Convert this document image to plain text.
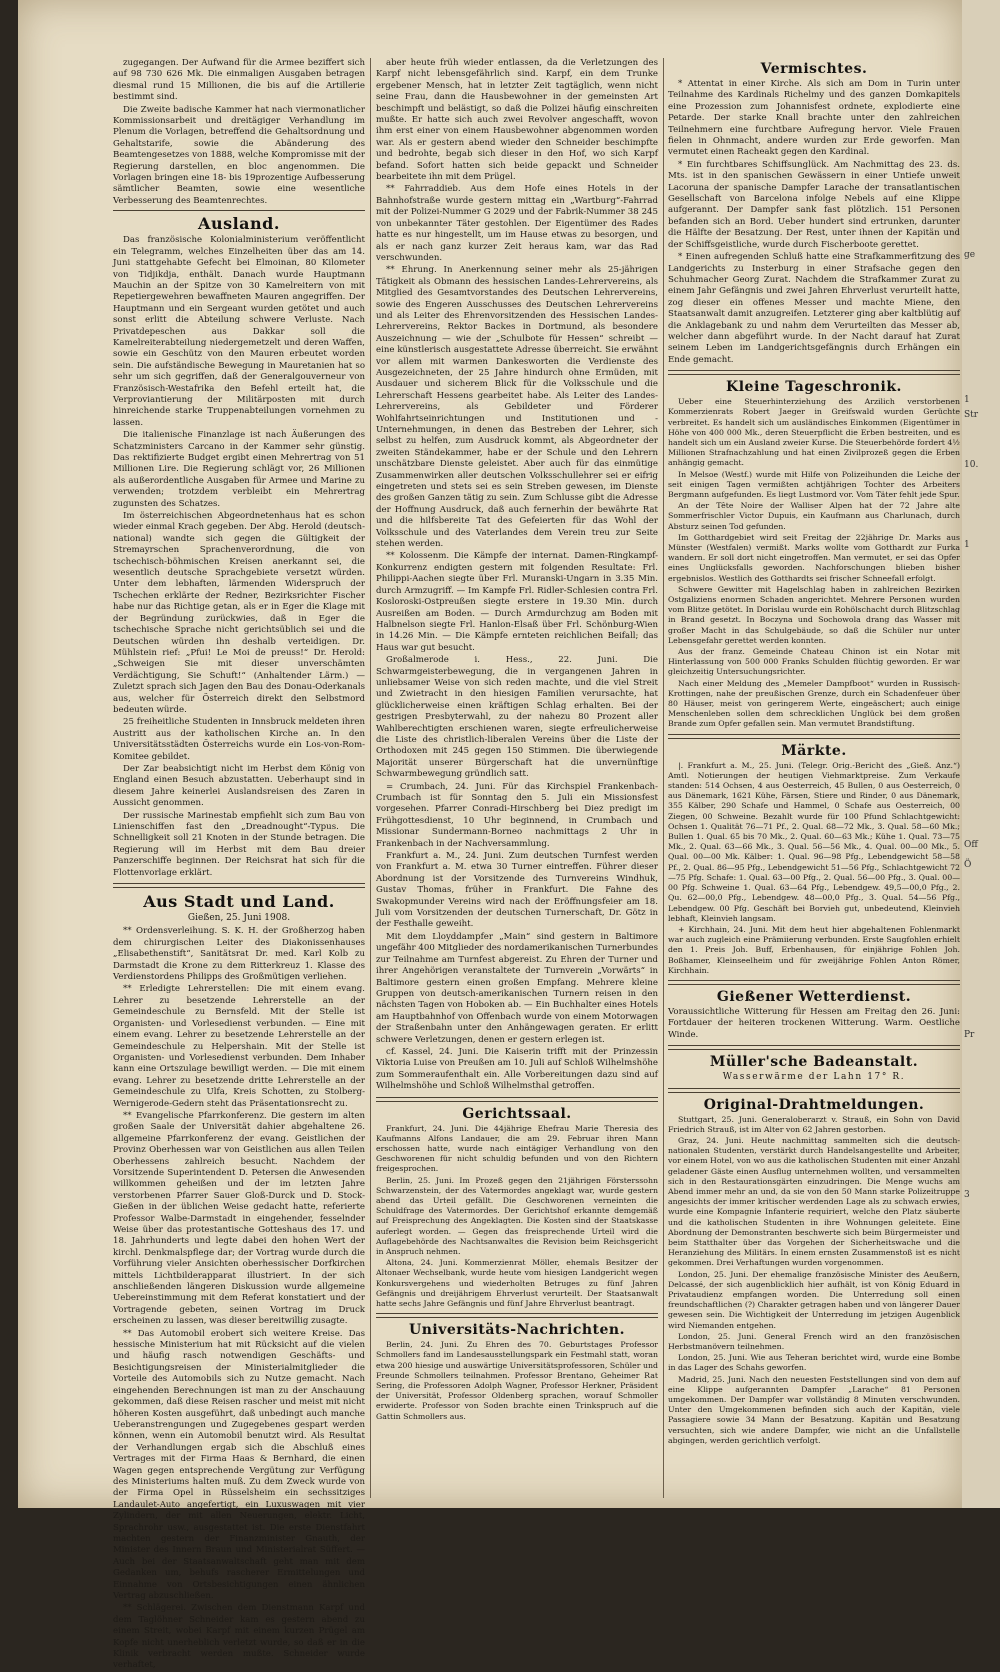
zugegangen. Der Aufwand für die Armee beziffert sich auf 98 730 626 Mk. Die einmaligen Ausgaben betragen diesmal rund 15 Millionen, die bis auf die Artillerie bestimmt sind.

Die Zweite badische Kammer hat nach viermonatlicher Kommissionsarbeit und dreitägiger Verhandlung im Plenum die Vorlagen, betreffend die Gehaltsordnung und Gehaltstarife, sowie die Abänderung des Beamtengesetzes von 1888, welche Kompromisse mit der Regierung darstellen, en bloc angenommen. Die Vorlagen bringen eine 18- bis 19prozentige Aufbesserung sämtlicher Beamten, sowie eine wesentliche Verbesserung des Beamtenrechtes.

Ausland.

Das französische Kolonialministerium veröffentlicht ein Telegramm, welches Einzelheiten über das am 14. Juni stattgehabte Gefecht bei Elmoinan, 80 Kilometer von Tidjikdja, enthält. Danach wurde Hauptmann Mauchin an der Spitze von 30 Kamelreitern von mit Repetiergewehren bewaffneten Mauren angegriffen. Der Hauptmann und ein Sergeant wurden getötet und auch sonst erlitt die Abteilung schwere Verluste. Nach Privatdepeschen aus Dakkar soll die Kamelreiterabteilung niedergemetzelt und deren Waffen, sowie ein Geschütz von den Mauren erbeutet worden sein. Die aufständische Bewegung in Mauretanien hat so sehr um sich gegriffen, daß der Generalgouverneur von Französisch-Westafrika den Befehl erteilt hat, die Verproviantierung der Militärposten mit durch hinreichende starke Truppenabteilungen vornehmen zu lassen.

Die italienische Finanzlage ist nach Äußerungen des Schatzministers Carcano in der Kammer sehr günstig. Das rektifizierte Budget ergibt einen Mehrertrag von 51 Millionen Lire. Die Regierung schlägt vor, 26 Millionen als außerordentliche Ausgaben für Armee und Marine zu verwenden; trotzdem verbleibt ein Mehrertrag zugunsten des Schatzes.

Im österreichischen Abgeordnetenhaus hat es schon wieder einmal Krach gegeben. Der Abg. Herold (deutsch-national) wandte sich gegen die Gültigkeit der Stremayrschen Sprachenverordnung, die von tschechisch-böhmischen Kreisen anerkannt sei, die wesentlich deutsche Sprachgebiete versetzt würden. Unter dem lebhaften, lärmenden Widerspruch der Tschechen erklärte der Redner, Bezirksrichter Fischer habe nur das Richtige getan, als er in Eger die Klage mit der Begründung zurückwies, daß in Eger die tschechische Sprache nicht gerichtsüblich sei und die Deutschen würden ihn deshalb verteidigen. Dr. Mühlstein rief: „Pfui! Le Moi de preuss!“ Dr. Herold: „Schweigen Sie mit dieser unverschämten Verdächtigung, Sie Schuft!“ (Anhaltender Lärm.) — Zuletzt sprach sich Jagen den Bau des Donau-Oderkanals aus, welcher für Österreich direkt den Selbstmord bedeuten würde.

25 freiheitliche Studenten in Innsbruck meldeten ihren Austritt aus der katholischen Kirche an. In den Universitätsstädten Österreichs wurde ein Los-von-Rom-Komitee gebildet.

Der Zar beabsichtigt nicht im Herbst dem König von England einen Besuch abzustatten. Ueberhaupt sind in diesem Jahre keinerlei Auslandsreisen des Zaren in Aussicht genommen.

Der russische Marinestab empfiehlt sich zum Bau von Linienschiffen fast den „Dreadnought“-Typus. Die Schnelligkeit soll 21 Knoten in der Stunde betragen. Die Regierung will im Herbst mit dem Bau dreier Panzerschiffe beginnen. Der Reichsrat hat sich für die Flottenvorlage erklärt.

Aus Stadt und Land.

Gießen, 25. Juni 1908.

** Ordensverleihung. S. K. H. der Großherzog haben dem chirurgischen Leiter des Diakonissenhauses „Elisabethenstift“, Sanitätsrat Dr. med. Karl Kolb zu Darmstadt die Krone zu dem Ritterkreuz 1. Klasse des Verdienstordens Philipps des Großmütigen verliehen.

** Erledigte Lehrerstellen: Die mit einem evang. Lehrer zu besetzende Lehrerstelle an der Gemeindeschule zu Bernsfeld. Mit der Stelle ist Organisten- und Vorlesedienst verbunden. — Eine mit einem evang. Lehrer zu besetzende Lehrerstelle an der Gemeindeschule zu Helpershain. Mit der Stelle ist Organisten- und Vorlesedienst verbunden. Dem Inhaber kann eine Ortszulage bewilligt werden. — Die mit einem evang. Lehrer zu besetzende dritte Lehrerstelle an der Gemeindeschule zu Ulfa, Kreis Schotten, zu Stolberg-Wernigerode-Gedern steht das Präsentationsrecht zu.

** Evangelische Pfarrkonferenz. Die gestern im alten großen Saale der Universität dahier abgehaltene 26. allgemeine Pfarrkonferenz der evang. Geistlichen der Provinz Oberhessen war von Geistlichen aus allen Teilen Oberhessens zahlreich besucht. Nachdem der Vorsitzende Superintendent D. Petersen die Anwesenden willkommen geheißen und der im letzten Jahre verstorbenen Pfarrer Sauer Gloß-Durck und D. Stock-Gießen in der üblichen Weise gedacht hatte, referierte Professor Walbe-Darmstadt in eingehender, fesselnder Weise über das protestantische Gotteshaus des 17. und 18. Jahrhunderts und legte dabei den hohen Wert der kirchl. Denkmalspflege dar; der Vortrag wurde durch die Vorführung vieler Ansichten oberhessischer Dorfkirchen mittels Lichtbilderapparat illustriert. In der sich anschließenden längeren Diskussion wurde allgemeine Uebereinstimmung mit dem Referat konstatiert und der Vortragende gebeten, seinen Vortrag im Druck erscheinen zu lassen, was dieser bereitwillig zusagte.

** Das Automobil erobert sich weitere Kreise. Das hessische Ministerium hat mit Rücksicht auf die vielen und häufig rasch notwendigen Geschäfts- und Besichtigungsreisen der Ministerialmitglieder die Vorteile des Automobils sich zu Nutze gemacht. Nach eingehenden Berechnungen ist man zu der Anschauung gekommen, daß diese Reisen rascher und meist mit nicht höheren Kosten ausgeführt, daß unbedingt auch manche Ueberanstrengungen und Zugegebenes gespart werden können, wenn ein Automobil benutzt wird. Als Resultat der Verhandlungen ergab sich die Abschluß eines Vertrages mit der Firma Haas & Bernhard, die einen Wagen gegen entsprechende Vergütung zur Verfügung des Ministeriums halten muß. Zu dem Zweck wurde von der Firma Opel in Rüsselsheim ein sechssitziges Landaulet-Auto angefertigt, ein Luxuswagen mit vier Zylindern, der mit allen Neuerungen, elektr. Licht, Sprachrohr usw., ausgestattet ist. Die erste Dienstfahrt machten gestern der Finanzminister Gnauth, der Minister des Innern Braun und Ministerialrat Süffert. — Auch bei der Staatsanwaltschaft geht man mit dem Gedanken um, behufs rascherer Ermittelungen und Einnahme von Ortsbesichtigungen einen ähnlichen Vertrag abzuschließen.

** Schlägerei. Zwischen dem Dienstmann Karpf und dem Taglöhner Schneider kam es gestern abend zu einem Streit, wobei Karpf mit einem kurzen Prügel am Kopfe nicht unerheblich verletzt wurde, so daß er in die Klinik verbracht werden mußte. Schneider wurde verhaftet,

aber heute früh wieder entlassen, da die Verletzungen des Karpf nicht lebensgefährlich sind. Karpf, ein dem Trunke ergebener Mensch, hat in letzter Zeit tagtäglich, wenn nicht seine Frau, dann die Hausbewohner in der gemeinsten Art beschimpft und belästigt, so daß die Polizei häufig einschreiten mußte. Er hatte sich auch zwei Revolver angeschafft, wovon ihm erst einer von einem Hausbewohner abgenommen worden war. Als er gestern abend wieder den Schneider beschimpfte und bedrohte, begab sich dieser in den Hof, wo sich Karpf befand. Sofort hatten sich beide gepackt und Schneider bearbeitete ihn mit dem Prügel.

** Fahrraddieb. Aus dem Hofe eines Hotels in der Bahnhofstraße wurde gestern mittag ein „Wartburg“-Fahrrad mit der Polizei-Nummer G 2029 und der Fabrik-Nummer 38 245 von unbekannter Täter gestohlen. Der Eigentümer des Rades hatte es nur hingestellt, um im Hause etwas zu besorgen, und als er nach ganz kurzer Zeit heraus kam, war das Rad verschwunden.

** Ehrung. In Anerkennung seiner mehr als 25-jährigen Tätigkeit als Obmann des hessischen Landes-Lehrervereins, als Mitglied des Gesamtvorstandes des Deutschen Lehrervereins, sowie des Engeren Ausschusses des Deutschen Lehrervereins und als Leiter des Ehrenvorsitzenden des Hessischen Landes-Lehrervereins, Rektor Backes in Dortmund, als besondere Auszeichnung — wie der „Schulbote für Hessen“ schreibt — eine künstlerisch ausgestattete Adresse überreicht. Sie erwähnt vor allem mit warmen Dankesworten die Verdienste des Ausgezeichneten, der 25 Jahre hindurch ohne Ermüden, mit Ausdauer und sicherem Blick für die Volksschule und die Lehrerschaft Hessens gearbeitet habe. Als Leiter des Landes-Lehrervereins, als Gebildeter und Förderer Wohlfahrtseinrichtungen und Institutionen und -Unternehmungen, in denen das Bestreben der Lehrer, sich selbst zu helfen, zum Ausdruck kommt, als Abgeordneter der zweiten Ständekammer, habe er der Schule und den Lehrern unschätzbare Dienste geleistet. Aber auch für das einmütige Zusammenwirken aller deutschen Volksschullehrer sei er eifrig eingetreten und stets sei es sein Streben gewesen, im Dienste des großen Ganzen tätig zu sein. Zum Schlusse gibt die Adresse der Hoffnung Ausdruck, daß auch fernerhin der bewährte Rat und die hilfsbereite Tat des Gefeierten für das Wohl der Volksschule und des Vaterlandes dem Verein treu zur Seite stehen werden.

** Kolossenm. Die Kämpfe der internat. Damen-Ringkampf-Konkurrenz endigten gestern mit folgenden Resultate: Frl. Philippi-Aachen siegte über Frl. Muranski-Ungarn in 3.35 Min. durch Armzugriff. — Im Kampfe Frl. Ridler-Schlesien contra Frl. Kosloroski-Ostpreußen siegte erstere in 19.30 Min. durch Ausreißen am Boden. — Durch Armdurchzug am Boden mit Halbnelson siegte Frl. Hanlon-Elsaß über Frl. Schönburg-Wien in 14.26 Min. — Die Kämpfe ernteten reichlichen Beifall; das Haus war gut besucht.

Großalmerode i. Hess., 22. Juni. Die Schwarmgeisterbewegung, die in vergangenen Jahren in unliebsamer Weise von sich reden machte, und die viel Streit und Zwietracht in den hiesigen Familien verursachte, hat glücklicherweise einen kräftigen Schlag erhalten. Bei der gestrigen Presbyterwahl, zu der nahezu 80 Prozent aller Wahlberechtigten erschienen waren, siegte erfreulicherweise die Liste des christlich-liberalen Vereins über die Liste der Orthodoxen mit 245 gegen 150 Stimmen. Die überwiegende Majorität unserer Bürgerschaft hat die unvernünftige Schwarmbewegung gründlich satt.

= Crumbach, 24. Juni. Für das Kirchspiel Frankenbach-Crumbach ist für Sonntag den 5. Juli ein Missionsfest vorgesehen. Pfarrer Conradi-Hirschberg bei Diez predigt im Frühgottesdienst, 10 Uhr beginnend, in Crumbach und Missionar Sundermann-Borneo nachmittags 2 Uhr in Frankenbach in der Nachversammlung.

Frankfurt a. M., 24. Juni. Zum deutschen Turnfest werden von Frankfurt a. M. etwa 30 Turner eintreffen. Führer dieser Abordnung ist der Vorsitzende des Turnvereins Windhuk, Gustav Thomas, früher in Frankfurt. Die Fahne des Swakopmunder Vereins wird nach der Eröffnungsfeier am 18. Juli vom Vorsitzenden der deutschen Turnerschaft, Dr. Götz in der Festhalle geweiht.

Mit dem Lloyddampfer „Main“ sind gestern in Baltimore ungefähr 400 Mitglieder des nordamerikanischen Turnerbundes zur Teilnahme am Turnfest abgereist. Zu Ehren der Turner und ihrer Angehörigen veranstaltete der Turnverein „Vorwärts“ in Baltimore gestern einen großen Empfang. Mehrere kleine Gruppen von deutsch-amerikanischen Turnern reisen in den nächsten Tagen von Hoboken ab. — Ein Buchhalter eines Hotels am Hauptbahnhof von Offenbach wurde von einem Motorwagen der Straßenbahn unter den Anhängewagen geraten. Er erlitt schwere Verletzungen, denen er gestern erlegen ist.

cf. Kassel, 24. Juni. Die Kaiserin trifft mit der Prinzessin Viktoria Luise von Preußen am 10. Juli auf Schloß Wilhelmshöhe zum Sommeraufenthalt ein. Alle Vorbereitungen dazu sind auf Wilhelmshöhe und Schloß Wilhelmsthal getroffen.

Gerichtssaal.

Frankfurt, 24. Juni. Die 44jährige Ehefrau Marie Theresia des Kaufmanns Alfons Landauer, die am 29. Februar ihren Mann erschossen hatte, wurde nach eintägiger Verhandlung von den Geschworenen für nicht schuldig befunden und von den Richtern freigesprochen.

Berlin, 25. Juni. Im Prozeß gegen den 21jährigen Försterssohn Schwarzenstein, der des Vatermordes angeklagt war, wurde gestern abend das Urteil gefällt. Die Geschworenen verneinten die Schuldfrage des Vatermordes. Der Gerichtshof erkannte demgemäß auf Freisprechung des Angeklagten. Die Kosten sind der Staatskasse auferlegt worden. — Gegen das freisprechende Urteil wird die Auflagebehörde des Nachtsanwaltes die Revision beim Reichsgericht in Anspruch nehmen.

Altona, 24. Juni. Kommerzienrat Möller, ehemals Besitzer der Altonaer Wechselbank, wurde heute vom hiesigen Landgericht wegen Konkursvergehens und wiederholten Betruges zu fünf Jahren Gefängnis und dreijährigem Ehrverlust verurteilt. Der Staatsanwalt hatte sechs Jahre Gefängnis und fünf Jahre Ehrverlust beantragt.

Universitäts-Nachrichten.

Berlin, 24. Juni. Zu Ehren des 70. Geburtstages Professor Schmollers fand im Landesausstellungspark ein Festmahl statt, woran etwa 200 hiesige und auswärtige Universitätsprofessoren, Schüler und Freunde Schmollers teilnahmen. Professor Brentano, Geheimer Rat Sering, die Professoren Adolph Wagner, Professor Herkner, Präsident der Universität, Professor Oldenberg sprachen, worauf Schmoller erwiderte. Professor von Soden brachte einen Trinkspruch auf die Gattin Schmollers aus.

Vermischtes.

* Attentat in einer Kirche. Als sich am Dom in Turin unter Teilnahme des Kardinals Richelmy und des ganzen Domkapitels eine Prozession zum Johannisfest ordnete, explodierte eine Petarde. Der starke Knall brachte unter den zahlreichen Teilnehmern eine furchtbare Aufregung hervor. Viele Frauen fielen in Ohnmacht, andere wurden zur Erde geworfen. Man vermutet einen Racheakt gegen den Kardinal.

* Ein furchtbares Schiffsunglück. Am Nachmittag des 23. ds. Mts. ist in den spanischen Gewässern in einer Untiefe unweit Lacoruna der spanische Dampfer Larache der transatlantischen Gesellschaft von Barcelona infolge Nebels auf eine Klippe aufgerannt. Der Dampfer sank fast plötzlich. 151 Personen befanden sich an Bord. Ueber hundert sind ertrunken, darunter die Hälfte der Besatzung. Der Rest, unter ihnen der Kapitän und der Schiffsgeistliche, wurde durch Fischerboote gerettet.

* Einen aufregenden Schluß hatte eine Strafkammerfitzung des Landgerichts zu Insterburg in einer Strafsache gegen den Schuhmacher Georg Zurat. Nachdem die Strafkammer Zurat zu einem Jahr Gefängnis und zwei Jahren Ehrverlust verurteilt hatte, zog dieser ein offenes Messer und machte Miene, den Staatsanwalt damit anzugreifen. Letzterer ging aber kaltblütig auf die Anklagebank zu und nahm dem Verurteilten das Messer ab, welcher dann abgeführt wurde. In der Nacht darauf hat Zurat seinem Leben im Landgerichtsgefängnis durch Erhängen ein Ende gemacht.

Kleine Tageschronik.

Ueber eine Steuerhinterziehung des Arzilich verstorbenen Kommerzienrats Robert Jaeger in Greifswald wurden Gerüchte verbreitet. Es handelt sich um ausländisches Einkommen (Eigentümer in Höhe von 400 000 Mk., deren Steuerpflicht die Erben bestreiten, und es handelt sich um ein Ausland zweier Kurse. Die Steuerbehörde fordert 4½ Millionen Strafnachzahlung und hat einen Zivilprozeß gegen die Erben anhängig gemacht.

In Melsoe (Westf.) wurde mit Hilfe von Polizeihunden die Leiche der seit einigen Tagen vermißten achtjährigen Tochter des Arbeiters Bergmann aufgefunden. Es liegt Lustmord vor. Vom Täter fehlt jede Spur.

An der Tête Noire der Walliser Alpen hat der 72 Jahre alte Sommerfrischler Victor Dupuis, ein Kaufmann aus Charlunach, durch Absturz seinen Tod gefunden.

Im Gotthardgebiet wird seit Freitag der 22jährige Dr. Marks aus Münster (Westfalen) vermißt. Marks wollte vom Gotthardt zur Furka wandern. Er soll dort nicht eingetroffen. Man vermutet, er sei das Opfer eines Unglücksfalls geworden. Nachforschungen blieben bisher ergebnislos. Westlich des Gotthardts sei frischer Schneefall erfolgt.

Schwere Gewitter mit Hagelschlag haben in zahlreichen Bezirken Ostgaliziens enormen Schaden angerichtet. Mehrere Personen wurden vom Blitze getötet. In Dorislau wurde ein Rohölschacht durch Blitzschlag in Brand gesetzt. In Boczyna und Sochowola drang das Wasser mit großer Macht in das Schulgebäude, so daß die Schüler nur unter Lebensgefahr gerettet werden konnten.

Aus der franz. Gemeinde Chateau Chinon ist ein Notar mit Hinterlassung von 500 000 Franks Schulden flüchtig geworden. Er war gleichzeitig Untersuchungsrichter.

Nach einer Meldung des „Memeler Dampfboot“ wurden in Russisch-Krottingen, nahe der preußischen Grenze, durch ein Schadenfeuer über 80 Häuser, meist von geringerem Werte, eingeäschert; auch einige Menschenleben sollen dem schrecklichen Unglück bei dem großen Brande zum Opfer gefallen sein. Man vermutet Brandstiftung.

Märkte.

|. Frankfurt a. M., 25. Juni. (Telegr. Orig.-Bericht des „Gieß. Anz.“) Amtl. Notierungen der heutigen Viehmarktpreise. Zum Verkaufe standen: 514 Ochsen, 4 aus Oesterreich, 45 Bullen, 0 aus Oesterreich, 0 aus Dänemark, 1621 Kühe, Färsen, Stiere und Rinder, 0 aus Dänemark, 355 Kälber, 290 Schafe und Hammel, 0 Schafe aus Oesterreich, 00 Ziegen, 00 Schweine. Bezahlt wurde für 100 Pfund Schlachtgewicht: Ochsen 1. Qualität 76—71 Pf., 2. Qual. 68—72 Mk., 3. Qual. 58—60 Mk.; Bullen 1. Qual. 65 bis 70 Mk., 2. Qual. 60—63 Mk.; Kühe 1. Qual. 73—75 Mk., 2. Qual. 63—66 Mk., 3. Qual. 56—56 Mk., 4. Qual. 00—00 Mk., 5. Qual. 00—00 Mk. Kälber: 1. Qual. 96—98 Pfg., Lebendgewicht 58—58 Pf., 2. Qual. 86—95 Pfg., Lebendgewicht 51—56 Pfg., Schlachtgewicht 72—75 Pfg. Schafe: 1. Qual. 63—00 Pfg., 2. Qual. 56—00 Pfg., 3. Qual. 00—00 Pfg. Schweine 1. Qual. 63—64 Pfg., Lebendgew. 49,5—00,0 Pfg., 2. Qu. 62—00,0 Pfg., Lebendgew. 48—00,0 Pfg., 3. Qual. 54—56 Pfg., Lebendgew. 00 Pfg. Geschäft bei Borvieh gut, unbedeutend, Kleinvieh lebhaft, Kleinvieh langsam.

+ Kirchhain, 24. Juni. Mit dem heut hier abgehaltenen Fohlenmarkt war auch zugleich eine Prämiierung verbunden. Erste Saugfohlen erhielt den 1. Preis Joh. Buff, Erbenhausen, für einjährige Fohlen Joh. Boßhamer, Kleinseelheim und für zweijährige Fohlen Anton Römer, Kirchhain.

Gießener Wetterdienst.

Voraussichtliche Witterung für Hessen am Freitag den 26. Juni: Fortdauer der heiteren trockenen Witterung. Warm. Oestliche Winde.

Müller'sche Badeanstalt.

Wasserwärme der Lahn 17° R.

Original-Drahtmeldungen.

Stuttgart, 25. Juni. Generaloberarzt v. Strauß, ein Sohn von David Friedrich Strauß, ist im Alter von 62 Jahren gestorben.

Graz, 24. Juni. Heute nachmittag sammelten sich die deutsch-nationalen Studenten, verstärkt durch Handelsangestellte und Arbeiter, vor einem Hotel, von wo aus die katholischen Studenten mit einer Anzahl geladener Gäste einen Ausflug unternehmen wollten, und versammelten sich in den Restaurationsgärten einzudringen. Die Menge wuchs am Abend immer mehr an und, da sie von den 50 Mann starke Polizeitruppe angesichts der immer kritischer werdenden Lage als zu schwach erwies, wurde eine Kompagnie Infanterie requiriert, welche den Platz säuberte und die katholischen Studenten in ihre Wohnungen geleitete. Eine Abordnung der Demonstranten beschwerte sich beim Bürgermeister und beim Statthalter über das Vorgehen der Sicherheitswache und die Heranziehung des Militärs. In einem ernsten Zusammenstoß ist es nicht gekommen. Drei Verhaftungen wurden vorgenommen.

London, 25. Juni. Der ehemalige französische Minister des Aeußern, Delcassé, der sich augenblicklich hier aufhält, ist von König Eduard in Privataudienz empfangen worden. Die Unterredung soll einen freundschaftlichen (?) Charakter getragen haben und von längerer Dauer gewesen sein. Die Wichtigkeit der Unterredung im jetzigen Augenblick wird Niemanden entgehen.

London, 25. Juni. General French wird an den französischen Herbstmanövern teilnehmen.

London, 25. Juni. Wie aus Teheran berichtet wird, wurde eine Bombe in das Lager des Schahs geworfen.

Madrid, 25. Juni. Nach den neuesten Feststellungen sind von dem auf eine Klippe aufgerannten Dampfer „Larache“ 81 Personen umgekommen. Der Dampfer war vollständig 8 Minuten verschwunden. Unter den Umgekommenen befinden sich auch der Kapitän, viele Passagiere sowie 34 Mann der Besatzung. Kapitän und Besatzung versuchten, sich wie andere Dampfer, wie nicht an die Unfallstelle abgingen, werden gerichtlich verfolgt.

ge
1
Str
10.
1
Off
Ö
Pr
3
